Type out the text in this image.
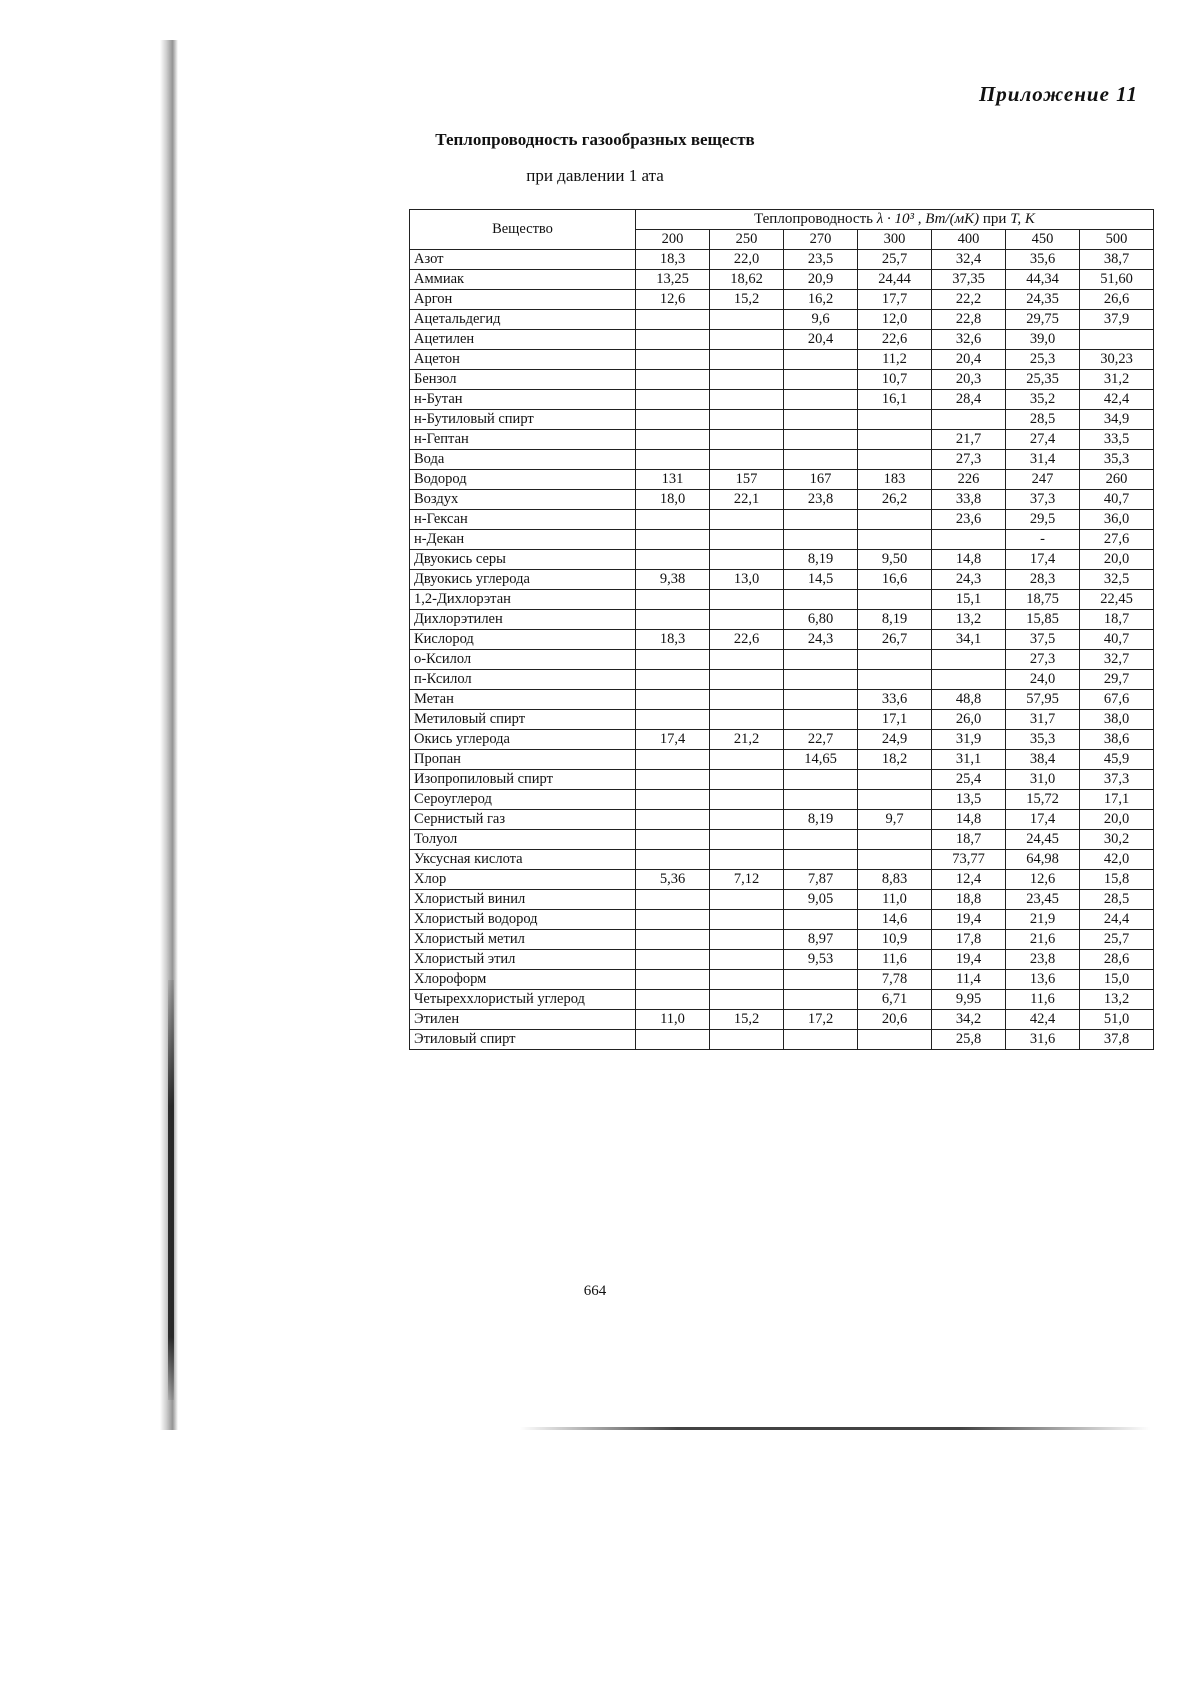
Приложение 11
Теплопроводность газообразных веществ
при давлении 1 ата
Вещество	Теплопроводность λ · 10³ , Вт/(мК) при T, K						
	200	250	270	300	400	450	500
Азот	18,3	22,0	23,5	25,7	32,4	35,6	38,7
Аммиак	13,25	18,62	20,9	24,44	37,35	44,34	51,60
Аргон	12,6	15,2	16,2	17,7	22,2	24,35	26,6
Ацетальдегид			9,6	12,0	22,8	29,75	37,9
Ацетилен			20,4	22,6	32,6	39,0	
Ацетон				11,2	20,4	25,3	30,23
Бензол				10,7	20,3	25,35	31,2
н-Бутан				16,1	28,4	35,2	42,4
н-Бутиловый спирт						28,5	34,9
н-Гептан					21,7	27,4	33,5
Вода					27,3	31,4	35,3
Водород	131	157	167	183	226	247	260
Воздух	18,0	22,1	23,8	26,2	33,8	37,3	40,7
н-Гексан					23,6	29,5	36,0
н-Декан						-	27,6
Двуокись серы			8,19	9,50	14,8	17,4	20,0
Двуокись углерода	9,38	13,0	14,5	16,6	24,3	28,3	32,5
1,2-Дихлорэтан					15,1	18,75	22,45
Дихлорэтилен			6,80	8,19	13,2	15,85	18,7
Кислород	18,3	22,6	24,3	26,7	34,1	37,5	40,7
о-Ксилол						27,3	32,7
п-Ксилол						24,0	29,7
Метан				33,6	48,8	57,95	67,6
Метиловый спирт				17,1	26,0	31,7	38,0
Окись углерода	17,4	21,2	22,7	24,9	31,9	35,3	38,6
Пропан			14,65	18,2	31,1	38,4	45,9
Изопропиловый спирт					25,4	31,0	37,3
Сероуглерод					13,5	15,72	17,1
Сернистый газ			8,19	9,7	14,8	17,4	20,0
Толуол					18,7	24,45	30,2
Уксусная кислота					73,77	64,98	42,0
Хлор	5,36	7,12	7,87	8,83	12,4	12,6	15,8
Хлористый винил			9,05	11,0	18,8	23,45	28,5
Хлористый водород				14,6	19,4	21,9	24,4
Хлористый метил			8,97	10,9	17,8	21,6	25,7
Хлористый этил			9,53	11,6	19,4	23,8	28,6
Хлороформ				7,78	11,4	13,6	15,0
Четыреххлористый углерод				6,71	9,95	11,6	13,2
Этилен	11,0	15,2	17,2	20,6	34,2	42,4	51,0
Этиловый спирт					25,8	31,6	37,8
664
